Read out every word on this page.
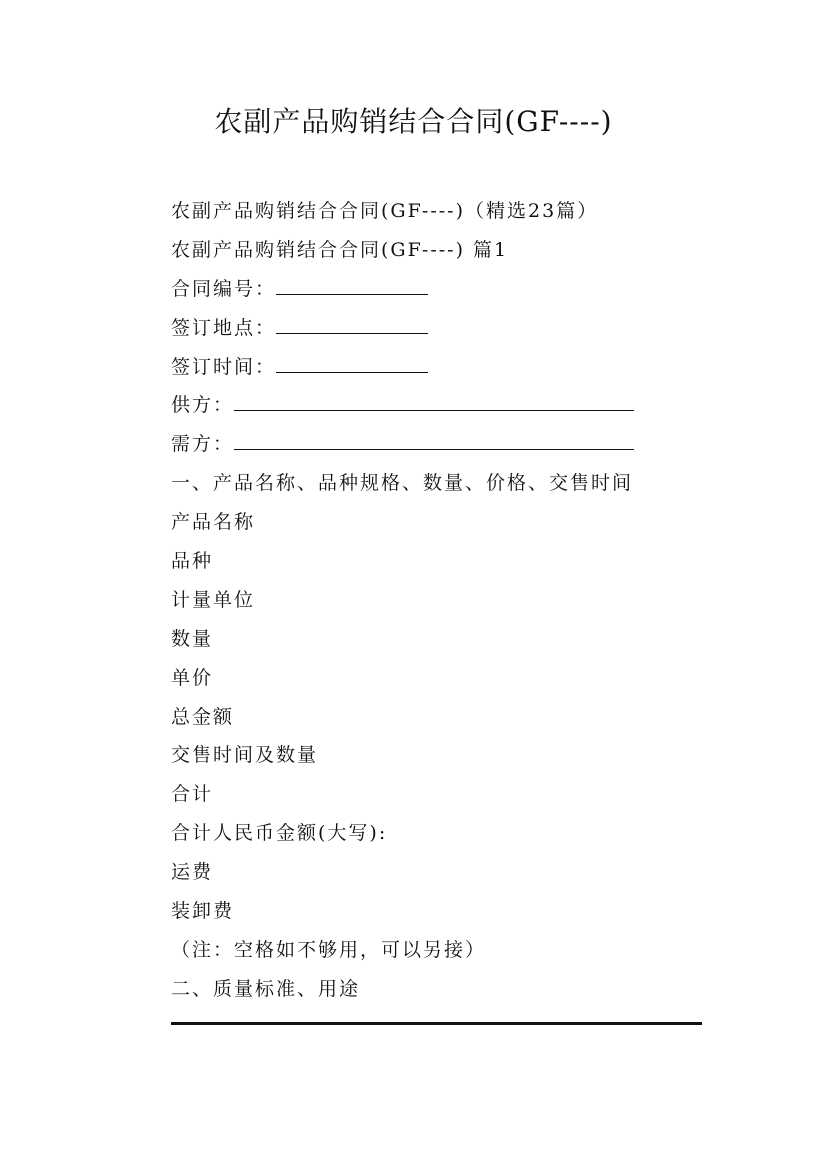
农副产品购销结合合同(GF----)
农副产品购销结合合同(GF----)（精选23篇）
农副产品购销结合合同(GF----) 篇1
合同编号：
签订地点：
签订时间：
供方：
需方：
一、产品名称、品种规格、数量、价格、交售时间
产品名称
品种
计量单位
数量
单价
总金额
交售时间及数量
合计
合计人民币金额(大写):
运费
装卸费
（注：空格如不够用，可以另接）
二、质量标准、用途
